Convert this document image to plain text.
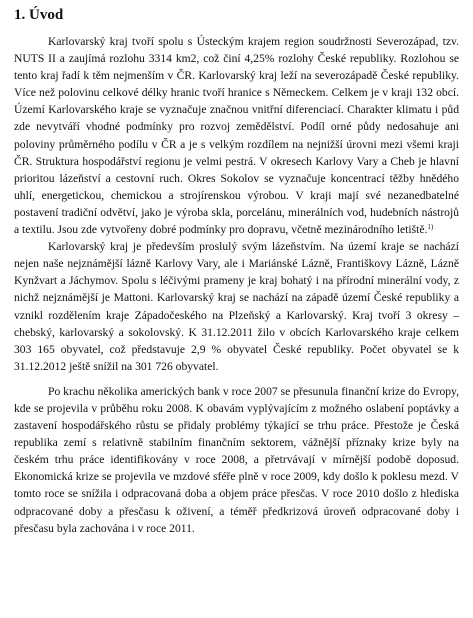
1. Úvod

Karlovarský kraj tvoří spolu s Ústeckým krajem region soudržnosti Severozápad, tzv. NUTS II a zaujímá rozlohu 3314 km2, což činí 4,25% rozlohy České republiky. Rozlohou se tento kraj řadí k těm nejmenším v ČR. Karlovarský kraj leží na severozápadě České republiky. Více než polovinu celkové délky hranic tvoří hranice s Německem. Celkem je v kraji 132 obcí. Území Karlovarského kraje se vyznačuje značnou vnitřní diferenciací. Charakter klimatu i půd zde nevytváří vhodné podmínky pro rozvoj zemědělství. Podíl orné půdy nedosahuje ani poloviny průměrného podílu v ČR a je s velkým rozdílem na nejnižší úrovni mezi všemi kraji ČR. Struktura hospodářství regionu je velmi pestrá. V okresech Karlovy Vary a Cheb je hlavní prioritou lázeňství a cestovní ruch. Okres Sokolov se vyznačuje koncentrací těžby hnědého uhlí, energetickou, chemickou a strojírenskou výrobou. V kraji mají své nezanedbatelné postavení tradiční odvětví, jako je výroba skla, porcelánu, minerálních vod, hudebních nástrojů a textilu. Jsou zde vytvořeny dobré podmínky pro dopravu, včetně mezinárodního letiště.$^{1)}$

Karlovarský kraj je především proslulý svým lázeňstvím. Na území kraje se nachází nejen naše nejznámější lázně Karlovy Vary, ale i Mariánské Lázně, Františkovy Lázně, Lázně Kynžvart a Jáchymov. Spolu s léčivými prameny je kraj bohatý i na přírodní minerální vody, z nichž nejznámější je Mattoni. Karlovarský kraj se nachází na západě území České republiky a vznikl rozdělením kraje Západočeského na Plzeňský a Karlovarský. Kraj tvoří 3 okresy – chebský, karlovarský a sokolovský. K 31.12.2011 žilo v obcích Karlovarského kraje celkem 303 165 obyvatel, což představuje 2,9 % obyvatel České republiky. Počet obyvatel se k 31.12.2012 ještě snížil na 301 726 obyvatel.

Po krachu několika amerických bank v roce 2007 se přesunula finanční krize do Evropy, kde se projevila v průběhu roku 2008. K obavám vyplývajícím z možného oslabení poptávky a zastavení hospodářského růstu se přidaly problémy týkající se trhu práce. Přestože je Česká republika zemí s relativně stabilním finančním sektorem, vážnější příznaky krize byly na českém trhu práce identifikovány v roce 2008, a přetrvávají v mírnější podobě doposud. Ekonomická krize se projevila ve mzdové sféře plně v roce 2009, kdy došlo k poklesu mezd. V tomto roce se snížila i odpracovaná doba a objem práce přesčas. V roce 2010 došlo z hlediska odpracované doby a přesčasu k oživení, a téměř předkrizová úroveň odpracované doby i přesčasu byla zachována i v roce 2011.
